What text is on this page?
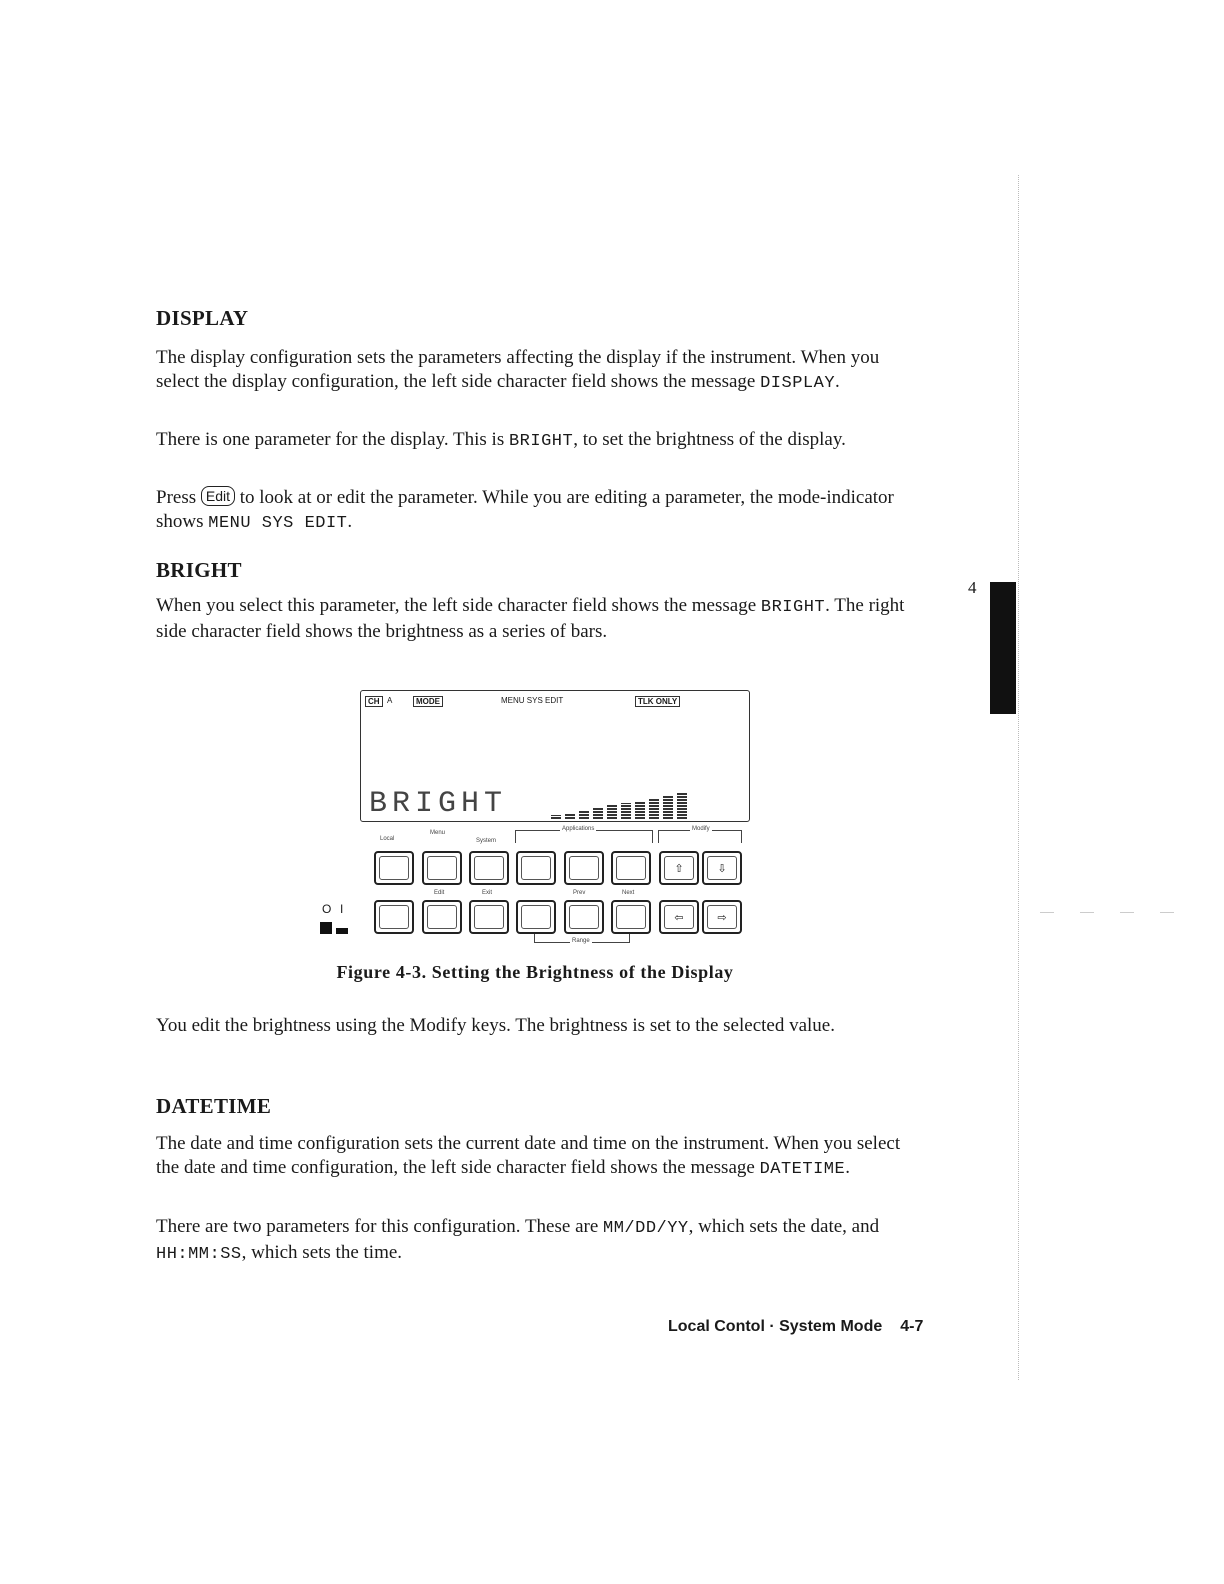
DISPLAY

The display configuration sets the parameters affecting the display if the instrument. When you select the display configuration, the left side character field shows the message DISPLAY.

There is one parameter for the display. This is BRIGHT, to set the brightness of the display.

Press Edit to look at or edit the parameter. While you are editing a parameter, the mode-indicator shows MENU SYS EDIT.

BRIGHT

When you select this parameter, the left side character field shows the message BRIGHT. The right side character field shows the brightness as a series of bars.

CH A	MODE	MENU SYS EDIT	TLK ONLY
BRIGHT
Local
Menu
System
Applications	Modify
⇧	⇩
Edit	Exit	Prev	Next
O I
⇦	⇨
Range

Figure 4-3. Setting the Brightness of the Display

You edit the brightness using the Modify keys. The brightness is set to the selected value.

DATETIME

The date and time configuration sets the current date and time on the instrument. When you select the date and time configuration, the left side character field shows the message DATETIME.

There are two parameters for this configuration. These are MM/DD/YY, which sets the date, and HH:MM:SS, which sets the time.

Local Contol · System Mode 4-7
4
